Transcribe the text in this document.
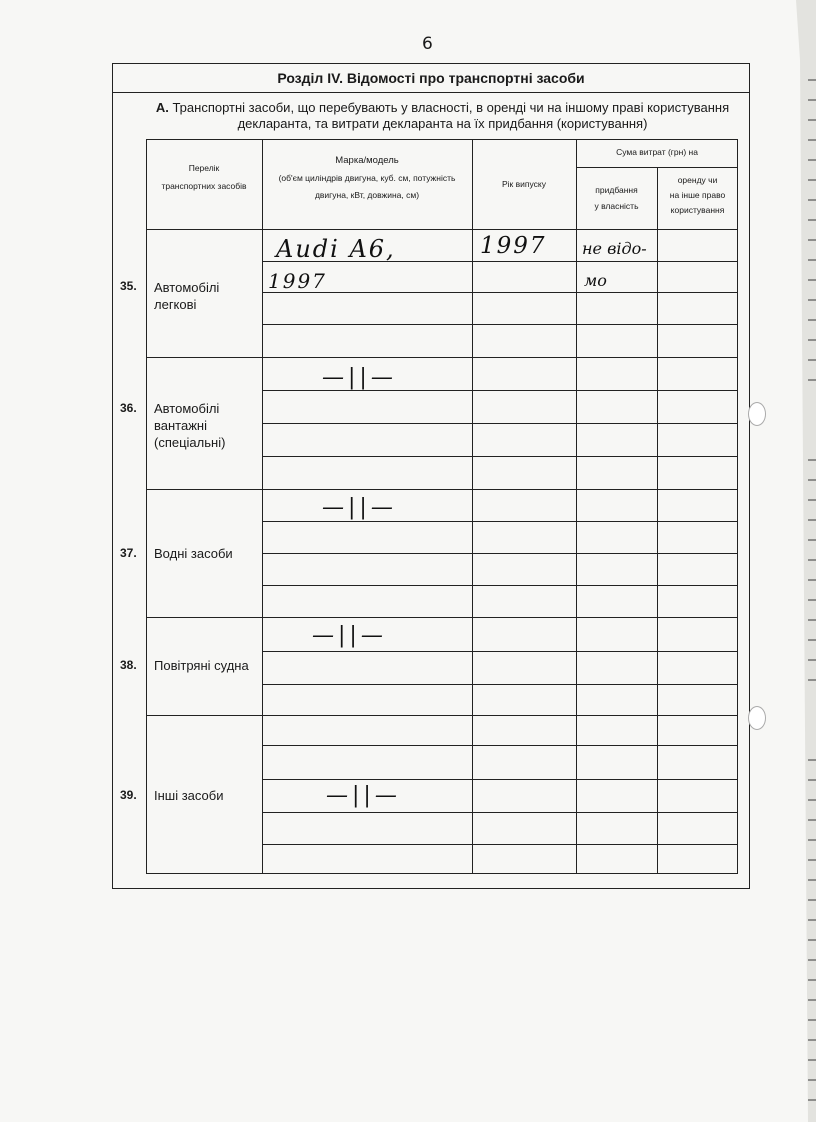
6
Розділ IV. Відомості про транспортні засоби
А. Транспортні засоби, що перебувають у власності, в оренді чи на іншому праві користування
декларанта, та витрати декларанта на їх придбання (користування)
Перелік
транспортних засобів
Марка/модель
(об'єм циліндрів двигуна, куб. см, потужність
двигуна, кВт, довжина, см)
Рік випуску
Сума витрат (грн) на
придбання
у власність
оренду чи
на інше право
користування
Автомобілі
легкові
Автомобілі
вантажні
(спеціальні)
Водні засоби
Повітряні судна
Інші засоби
Audi A6,
1997
1997 не відо-
мо
—||—
—||—
—||—
—||—
35.
36.
37.
38.
39.
